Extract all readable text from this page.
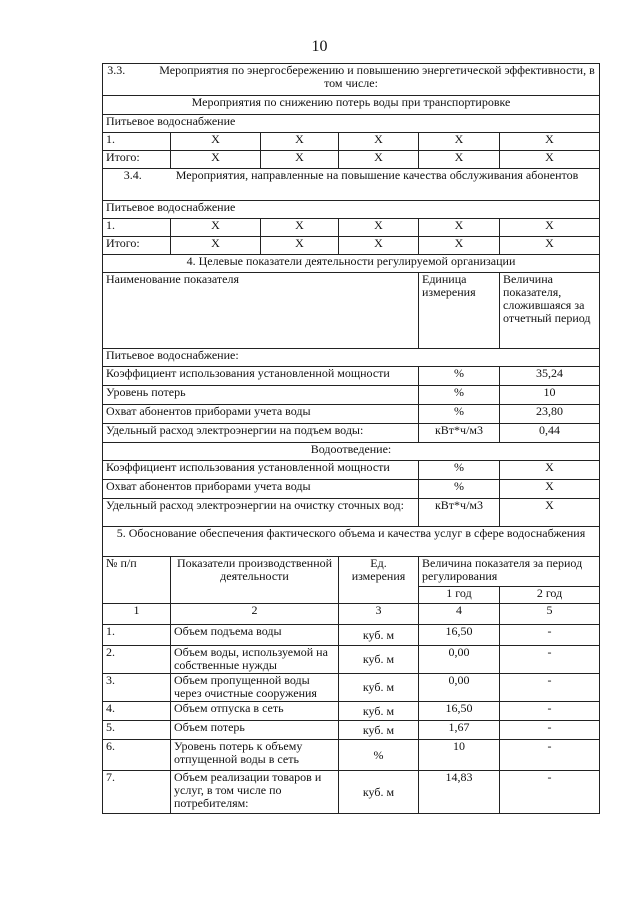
10
3.3. Мероприятия по энергосбережению и повышению энергетической эффективности, в том числе:					
Мероприятия по снижению потерь воды при транспортировке					
Питьевое водоснабжение					
1.	X	X	X	X	X
Итого:	X	X	X	X	X
3.4. Мероприятия, направленные на повышение качества обслуживания абонентов					
Питьевое водоснабжение					
1.	X	X	X	X	X
Итого:	X	X	X	X	X
4. Целевые показатели деятельности регулируемой организации					
Наименование показателя				Единица измерения	Величина показателя, сложившаяся за отчетный период
Питьевое водоснабжение:					
Коэффициент использования установленной мощности				%	35,24
Уровень потерь				%	10
Охват абонентов приборами учета воды				%	23,80
Удельный расход электроэнергии на подъем воды:				кВт*ч/м3	0,44
Водоотведение:					
Коэффициент использования установленной мощности				%	X
Охват абонентов приборами учета воды				%	X
Удельный расход электроэнергии на очистку сточных вод:				кВт*ч/м3	X
5. Обоснование обеспечения фактического объема и качества услуг в сфере водоснабжения					
№ п/п	Показатели производственной деятельности		Ед. измерения	Величина показателя за период регулирования	
				1 год	2 год
1	2		3	4	5
1.	Объем подъема воды		куб. м	16,50	-
2.	Объем воды, используемой на собственные нужды		куб. м	0,00	-
3.	Объем пропущенной воды через очистные сооружения		куб. м	0,00	-
4.	Объем отпуска в сеть		куб. м	16,50	-
5.	Объем потерь		куб. м	1,67	-
6.	Уровень потерь к объему отпущенной воды в сеть		%	10	-
7.	Объем реализации товаров и услуг, в том числе по потребителям:		куб. м	14,83	-
